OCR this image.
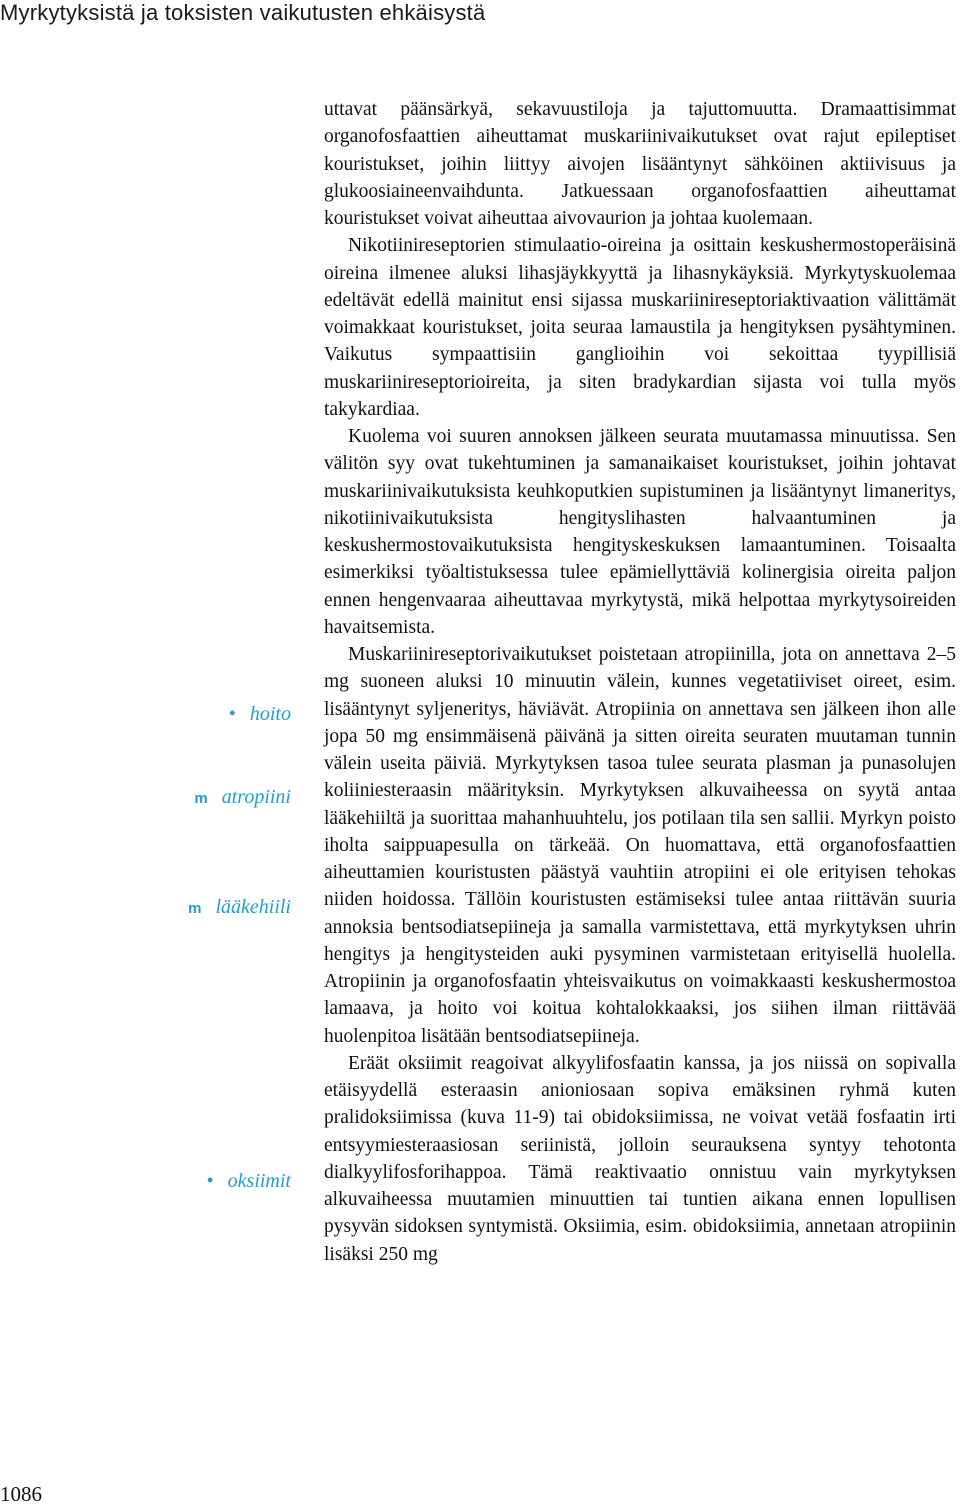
Myrkytyksistä ja toksisten vaikutusten ehkäisystä
• hoito
m atropiini
m lääkehiili
• oksiimit

uttavat päänsärkyä, sekavuustiloja ja tajuttomuutta. Dramaattisimmat organofosfaattien aiheuttamat muskariinivaikutukset ovat rajut epileptiset kouristukset, joihin liittyy aivojen lisääntynyt sähköinen aktiivisuus ja glukoosiaineenvaihdunta. Jatkuessaan organofosfaattien aiheuttamat kouristukset voivat aiheuttaa aivovaurion ja johtaa kuolemaan.

Nikotiinireseptorien stimulaatio-oireina ja osittain keskushermostoperäisinä oireina ilmenee aluksi lihasjäykkyyttä ja lihasnykäyksiä. Myrkytyskuolemaa edeltävät edellä mainitut ensi sijassa muskariinireseptoriaktivaation välittämät voimakkaat kouristukset, joita seuraa lamaustila ja hengityksen pysähtyminen. Vaikutus sympaattisiin ganglioihin voi sekoittaa tyypillisiä muskariinireseptorioireita, ja siten bradykardian sijasta voi tulla myös takykardiaa.

Kuolema voi suuren annoksen jälkeen seurata muutamassa minuutissa. Sen välitön syy ovat tukehtuminen ja samanaikaiset kouristukset, joihin johtavat muskariinivaikutuksista keuhkoputkien supistuminen ja lisääntynyt limaneritys, nikotiinivaikutuksista hengityslihasten halvaantuminen ja keskushermostovaikutuksista hengityskeskuksen lamaantuminen. Toisaalta esimerkiksi työaltistuksessa tulee epämiellyttäviä kolinergisia oireita paljon ennen hengenvaaraa aiheuttavaa myrkytystä, mikä helpottaa myrkytysoireiden havaitsemista.

Muskariinireseptorivaikutukset poistetaan atropiinilla, jota on annettava 2–5 mg suoneen aluksi 10 minuutin välein, kunnes vegetatiiviset oireet, esim. lisääntynyt syljeneritys, häviävät. Atropiinia on annettava sen jälkeen ihon alle jopa 50 mg ensimmäisenä päivänä ja sitten oireita seuraten muutaman tunnin välein useita päiviä. Myrkytyksen tasoa tulee seurata plasman ja punasolujen koliiniesteraasin määrityksin. Myrkytyksen alkuvaiheessa on syytä antaa lääkehiiltä ja suorittaa mahanhuuhtelu, jos potilaan tila sen sallii. Myrkyn poisto iholta saippuapesulla on tärkeää. On huomattava, että organofosfaattien aiheuttamien kouristusten päästyä vauhtiin atropiini ei ole erityisen tehokas niiden hoidossa. Tällöin kouristusten estämiseksi tulee antaa riittävän suuria annoksia bentsodiatsepiineja ja samalla varmistettava, että myrkytyksen uhrin hengitys ja hengitysteiden auki pysyminen varmistetaan erityisellä huolella. Atropiinin ja organofosfaatin yhteisvaikutus on voimakkaasti keskushermostoa lamaava, ja hoito voi koitua kohtalokkaaksi, jos siihen ilman riittävää huolenpitoa lisätään bentsodiatsepiineja.

Eräät oksiimit reagoivat alkyylifosfaatin kanssa, ja jos niissä on sopivalla etäisyydellä esteraasin anioniosaan sopiva emäksinen ryhmä kuten pralidoksiimissa (kuva 11-9) tai obidoksiimissa, ne voivat vetää fosfaatin irti entsyymiesteraasiosan seriinistä, jolloin seurauksena syntyy tehotonta dialkyylifosforihappoa. Tämä reaktivaatio onnistuu vain myrkytyksen alkuvaiheessa muutamien minuuttien tai tuntien aikana ennen lopullisen pysyvän sidoksen syntymistä. Oksiimia, esim. obidoksiimia, annetaan atropiinin lisäksi 250 mg

1086
